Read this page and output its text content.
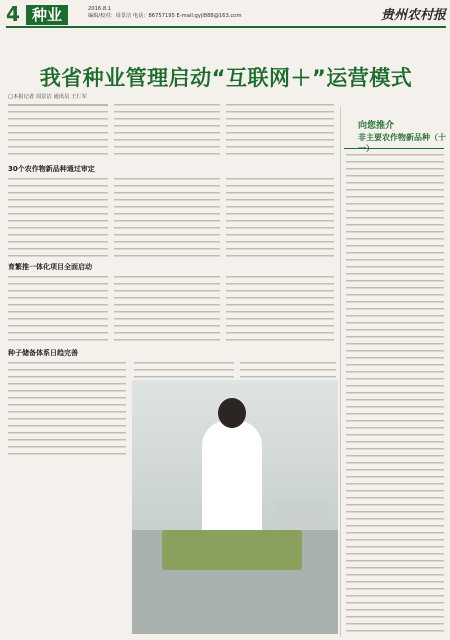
4 种业	2016.8.1
编辑/校对：周景洁 电话：86757195 E-mail:gyjl888@163.com	贵州农村报
我省种业管理启动“互联网＋”运营模式
□本报记者 周景洁 通讯员 王仁军
30个农作物新品种通过审定
育繁推一体化项目全面启动
种子储备体系日趋完善
向您推介
非主要农作物新品种（十
